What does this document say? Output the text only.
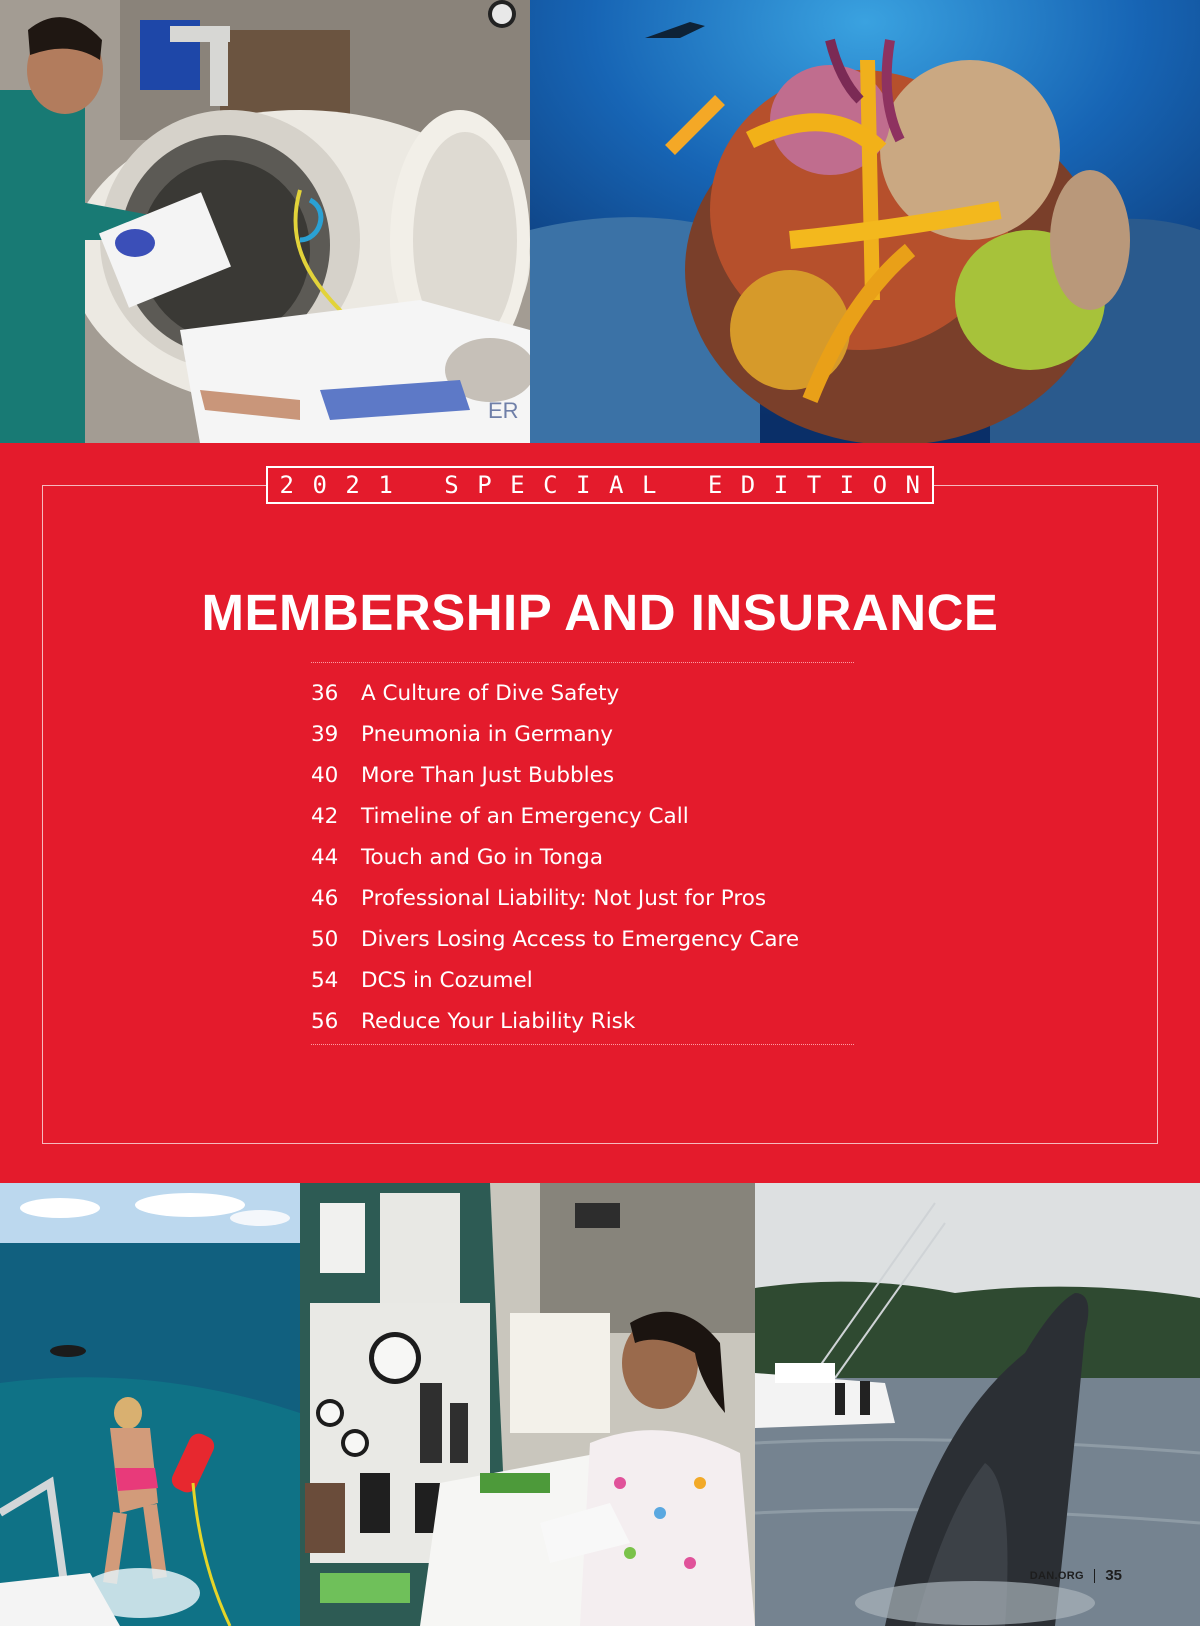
ER
2021 SPECIAL EDITION
MEMBERSHIP AND INSURANCE
36	A Culture of Dive Safety
39	Pneumonia in Germany
40	More Than Just Bubbles
42	Timeline of an Emergency Call
44	Touch and Go in Tonga
46	Professional Liability: Not Just for Pros
50	Divers Losing Access to Emergency Care
54	DCS in Cozumel
56	Reduce Your Liability Risk
DAN.ORG 35
